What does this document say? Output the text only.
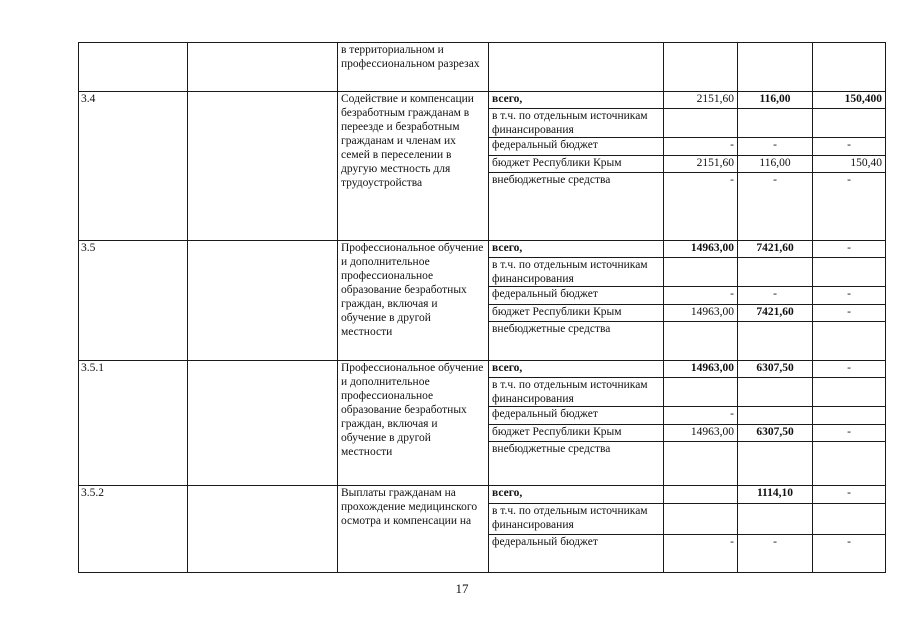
		в территориальном и профессиональном разрезах				
3.4		Содействие и компенсации безработным гражданам в переезде и безработным гражданам и членам их семей в переселении в другую местность для трудоустройства	всего,	2151,60	116,00	150,400
			в т.ч. по отдельным источникам финансирования			
			федеральный бюджет	-	-	-
			бюджет Республики Крым	2151,60	116,00	150,40
			внебюджетные средства	-	-	-
3.5		Профессиональное обучение и дополнительное профессиональное образование безработных граждан, включая и обучение в другой местности	всего,	14963,00	7421,60	-
			в т.ч. по отдельным источникам финансирования			
			федеральный бюджет	-	-	-
			бюджет Республики Крым	14963,00	7421,60	-
			внебюджетные средства			
3.5.1		Профессиональное обучение и дополнительное профессиональное образование безработных граждан, включая и обучение в другой местности	всего,	14963,00	6307,50	-
			в т.ч. по отдельным источникам финансирования			
			федеральный бюджет	-		
			бюджет Республики Крым	14963,00	6307,50	-
			внебюджетные средства			
3.5.2		Выплаты гражданам на прохождение медицинского осмотра и компенсации на	всего,		1114,10	-
			в т.ч. по отдельным источникам финансирования			
			федеральный бюджет	-	-	-
17
